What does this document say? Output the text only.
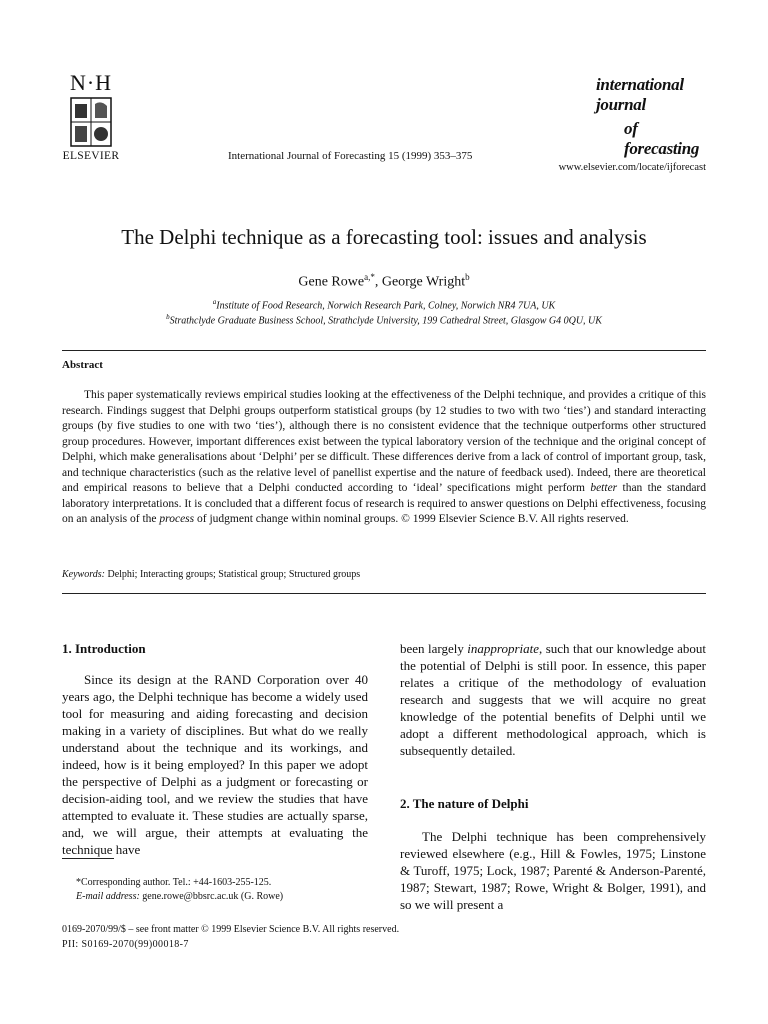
N·H
ELSEVIER	International Journal of Forecasting 15 (1999) 353–375
international journal
of forecasting
www.elsevier.com/locate/ijforecast
The Delphi technique as a forecasting tool: issues and analysis
Gene Rowe$^{a,*}$, George Wright$^b$
$^a$Institute of Food Research, Norwich Research Park, Colney, Norwich NR4 7UA, UK
$^b$Strathclyde Graduate Business School, Strathclyde University, 199 Cathedral Street, Glasgow G4 0QU, UK
Abstract
This paper systematically reviews empirical studies looking at the effectiveness of the Delphi technique, and provides a critique of this research. Findings suggest that Delphi groups outperform statistical groups (by 12 studies to two with two ‘ties’) and standard interacting groups (by five studies to one with two ‘ties’), although there is no consistent evidence that the technique outperforms other structured group procedures. However, important differences exist between the typical laboratory version of the technique and the original concept of Delphi, which make generalisations about ‘Delphi’ per se difficult. These differences derive from a lack of control of important group, task, and technique characteristics (such as the relative level of panellist expertise and the nature of feedback used). Indeed, there are theoretical and empirical reasons to believe that a Delphi conducted according to ‘ideal’ specifications might perform better than the standard laboratory interpretations. It is concluded that a different focus of research is required to answer questions on Delphi effectiveness, focusing on an analysis of the process of judgment change within nominal groups. © 1999 Elsevier Science B.V. All rights reserved.
Keywords: Delphi; Interacting groups; Statistical group; Structured groups

1. Introduction

Since its design at the RAND Corporation over 40 years ago, the Delphi technique has become a widely used tool for measuring and aiding forecasting and decision making in a variety of disciplines. But what do we really understand about the technique and its workings, and indeed, how is it being employed? In this paper we adopt the perspective of Delphi as a judgment or forecasting or decision-aiding tool, and we review the studies that have attempted to evaluate it. These studies are actually sparse, and, we will argue, their attempts at evaluating the technique have

been largely inappropriate, such that our knowledge about the potential of Delphi is still poor. In essence, this paper relates a critique of the methodology of evaluation research and suggests that we will acquire no great knowledge of the potential benefits of Delphi until we adopt a different methodological approach, which is subsequently detailed.

2. The nature of Delphi

The Delphi technique has been comprehensively reviewed elsewhere (e.g., Hill & Fowles, 1975; Linstone & Turoff, 1975; Lock, 1987; Parenté & Anderson-Parenté, 1987; Stewart, 1987; Rowe, Wright & Bolger, 1991), and so we will present a

*Corresponding author. Tel.: +44-1603-255-125.
E-mail address: gene.rowe@bbsrc.ac.uk (G. Rowe)
0169-2070/99/$ – see front matter © 1999 Elsevier Science B.V. All rights reserved.
PII: S0169-2070(99)00018-7
